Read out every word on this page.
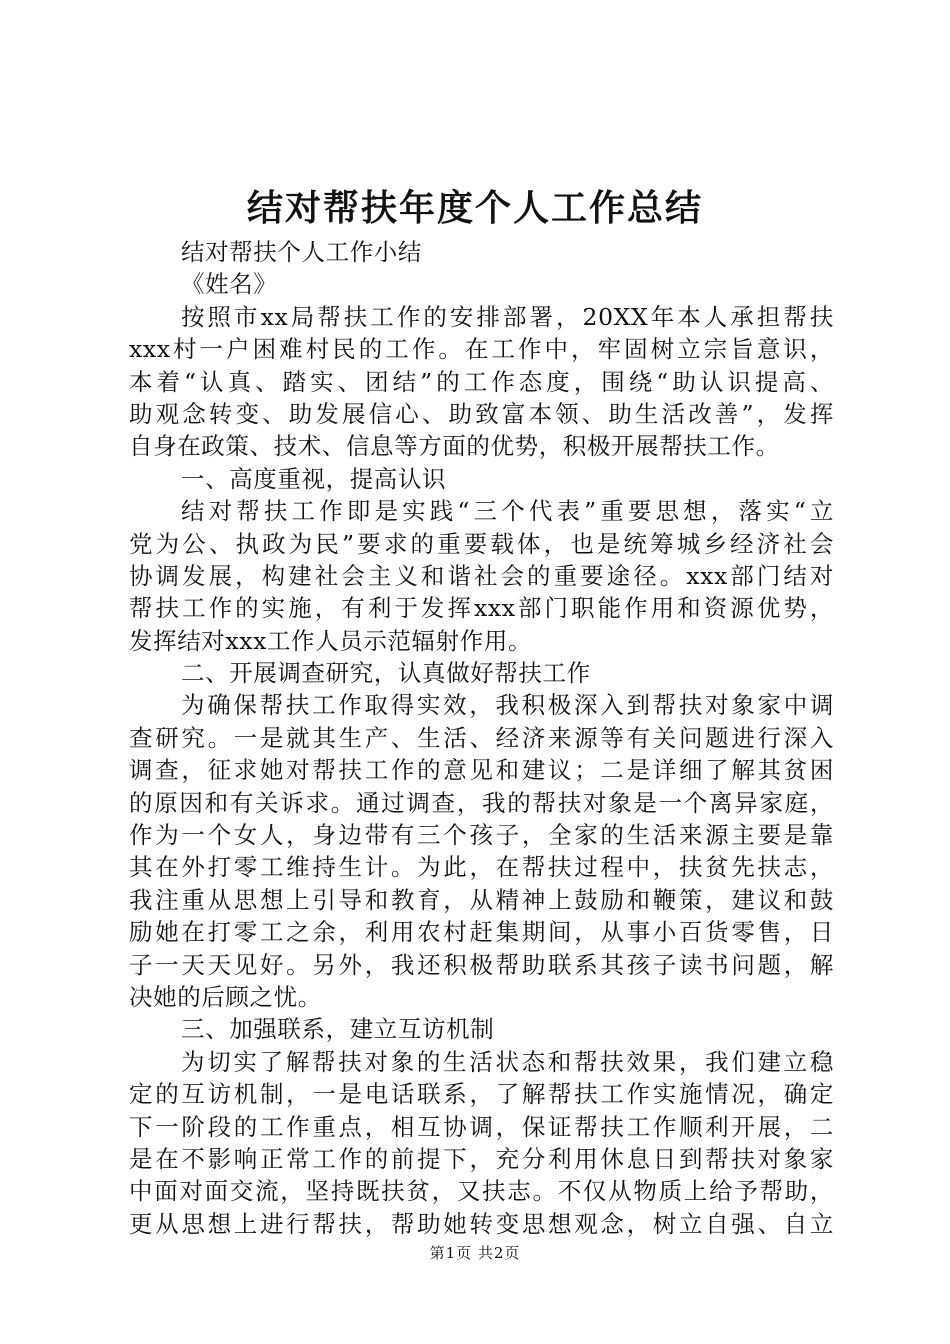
结对帮扶年度个人工作总结
结对帮扶个人工作小结
《姓名》
按照市xx局帮扶工作的安排部署，20XX年本人承担帮扶
xxx村一户困难村民的工作。在工作中，牢固树立宗旨意识，
本着“认真、踏实、团结”的工作态度，围绕“助认识提高、
助观念转变、助发展信心、助致富本领、助生活改善”，发挥
自身在政策、技术、信息等方面的优势，积极开展帮扶工作。
一、高度重视，提高认识
结对帮扶工作即是实践“三个代表”重要思想，落实“立
党为公、执政为民”要求的重要载体，也是统筹城乡经济社会
协调发展，构建社会主义和谐社会的重要途径。xxx部门结对
帮扶工作的实施，有利于发挥xxx部门职能作用和资源优势，
发挥结对xxx工作人员示范辐射作用。
二、开展调查研究，认真做好帮扶工作
为确保帮扶工作取得实效，我积极深入到帮扶对象家中调
查研究。一是就其生产、生活、经济来源等有关问题进行深入
调查，征求她对帮扶工作的意见和建议；二是详细了解其贫困
的原因和有关诉求。通过调查，我的帮扶对象是一个离异家庭，
作为一个女人，身边带有三个孩子，全家的生活来源主要是靠
其在外打零工维持生计。为此，在帮扶过程中，扶贫先扶志，
我注重从思想上引导和教育，从精神上鼓励和鞭策，建议和鼓
励她在打零工之余，利用农村赶集期间，从事小百货零售，日
子一天天见好。另外，我还积极帮助联系其孩子读书问题，解
决她的后顾之忧。
三、加强联系，建立互访机制
为切实了解帮扶对象的生活状态和帮扶效果，我们建立稳
定的互访机制，一是电话联系，了解帮扶工作实施情况，确定
下一阶段的工作重点，相互协调，保证帮扶工作顺利开展，二
是在不影响正常工作的前提下，充分利用休息日到帮扶对象家
中面对面交流，坚持既扶贫，又扶志。不仅从物质上给予帮助，
更从思想上进行帮扶，帮助她转变思想观念，树立自强、自立
第1页 共2页
